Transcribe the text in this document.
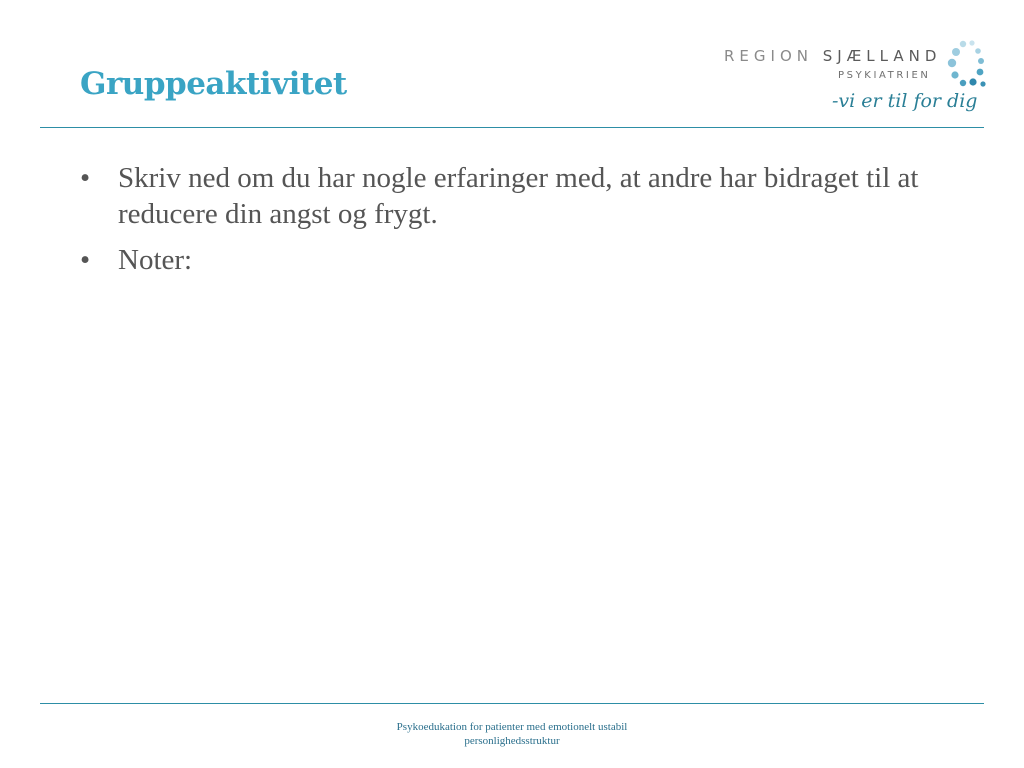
REGION SJÆLLAND
PSYKIATRIEN
-vi er til for dig
Gruppeaktivitet
• Skriv ned om du har nogle erfaringer med, at andre har bidraget til at reducere din angst og frygt.
• Noter:
Psykoedukation for patienter med emotionelt ustabil
personlighedsstruktur
